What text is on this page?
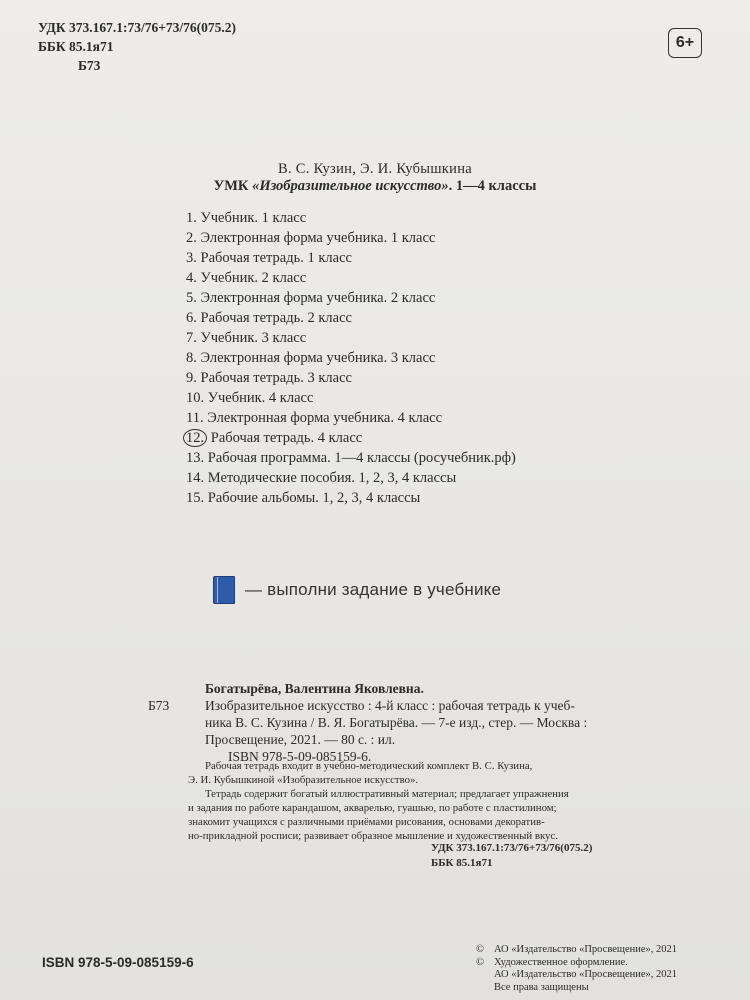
УДК 373.167.1:73/76+73/76(075.2)
ББК 85.1я71
Б73
6+
В. С. Кузин, Э. И. Кубышкина
УМК «Изобразительное искусство». 1—4 классы
1. Учебник. 1 класс
2. Электронная форма учебника. 1 класс
3. Рабочая тетрадь. 1 класс
4. Учебник. 2 класс
5. Электронная форма учебника. 2 класс
6. Рабочая тетрадь. 2 класс
7. Учебник. 3 класс
8. Электронная форма учебника. 3 класс
9. Рабочая тетрадь. 3 класс
10. Учебник. 4 класс
11. Электронная форма учебника. 4 класс
12. Рабочая тетрадь. 4 класс
13. Рабочая программа. 1—4 классы (росучебник.рф)
14. Методические пособия. 1, 2, 3, 4 классы
15. Рабочие альбомы. 1, 2, 3, 4 классы
— выполни задание в учебнике
Богатырёва, Валентина Яковлевна.
Б73	Изобразительное искусство : 4-й класс : рабочая тетрадь к учеб-
ника В. С. Кузина / В. Я. Богатырёва. — 7-е изд., стер. — Москва :
Просвещение, 2021. — 80 с. : ил.
ISBN 978-5-09-085159-6.
Рабочая тетрадь входит в учебно-методический комплект В. С. Кузина,
Э. И. Кубышкиной «Изобразительное искусство».
Тетрадь содержит богатый иллюстративный материал; предлагает упражнения
и задания по работе карандашом, акварелью, гуашью, по работе с пластилином;
знакомит учащихся с различными приёмами рисования, основами декоратив-
но-прикладной росписи; развивает образное мышление и художественный вкус.
УДК 373.167.1:73/76+73/76(075.2)
ББК 85.1я71
ISBN 978-5-09-085159-6
© АО «Издательство «Просвещение», 2021
© Художественное оформление.
АО «Издательство «Просвещение», 2021
Все права защищены
